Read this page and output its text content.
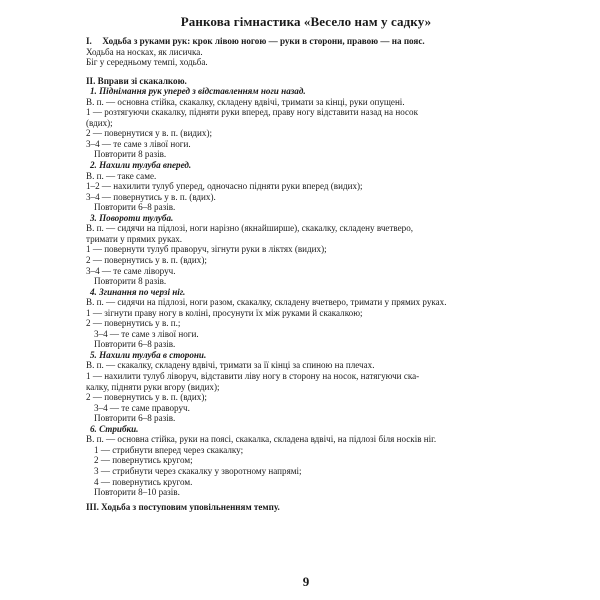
Ранкова гімнастика «Весело нам у садку»
I. Ходьба з руками рук: крок лівою ногою — руки в сторони, правою — на пояс.
Ходьба на носках, як лисичка.
Біг у середньому темпі, ходьба.
II. Вправи зі скакалкою.
1. Піднімання рук уперед з відставленням ноги назад.
В. п. — основна стійка, скакалку, складену вдвічі, тримати за кінці, руки опущені.
1 — розтягуючи скакалку, підняти руки вперед, праву ногу відставити назад на носок
(вдих);
2 — повернутися у в. п. (видих);
3–4 — те саме з лівої ноги.
Повторити 8 разів.
2. Нахили тулуба вперед.
В. п. — таке саме.
1–2 — нахилити тулуб уперед, одночасно підняти руки вперед (видих);
3–4 — повернутись у в. п. (вдих).
Повторити 6–8 разів.
3. Повороти тулуба.
В. п. — сидячи на підлозі, ноги нарізно (якнайширше), скакалку, складену вчетверо,
тримати у прямих руках.
1 — повернути тулуб праворуч, зігнути руки в ліктях (видих);
2 — повернутись у в. п. (вдих);
3–4 — те саме ліворуч.
Повторити 8 разів.
4. Згинання по черзі ніг.
В. п. — сидячи на підлозі, ноги разом, скакалку, складену вчетверо, тримати у прямих руках.
1 — зігнути праву ногу в коліні, просунути їх між руками й скакалкою;
2 — повернутись у в. п.;
3–4 — те саме з лівої ноги.
Повторити 6–8 разів.
5. Нахили тулуба в сторони.
В. п. — скакалку, складену вдвічі, тримати за її кінці за спиною на плечах.
1 — нахилити тулуб ліворуч, відставити ліву ногу в сторону на носок, натягуючи ска-
калку, підняти руки вгору (видих);
2 — повернутись у в. п. (вдих);
3–4 — те саме праворуч.
Повторити 6–8 разів.
6. Стрибки.
В. п. — основна стійка, руки на поясі, скакалка, складена вдвічі, на підлозі біля носків ніг.
1 — стрибнути вперед через скакалку;
2 — повернутись кругом;
3 — стрибнути через скакалку у зворотному напрямі;
4 — повернутись кругом.
Повторити 8–10 разів.
9
III. Ходьба з поступовим уповільненням темпу.
